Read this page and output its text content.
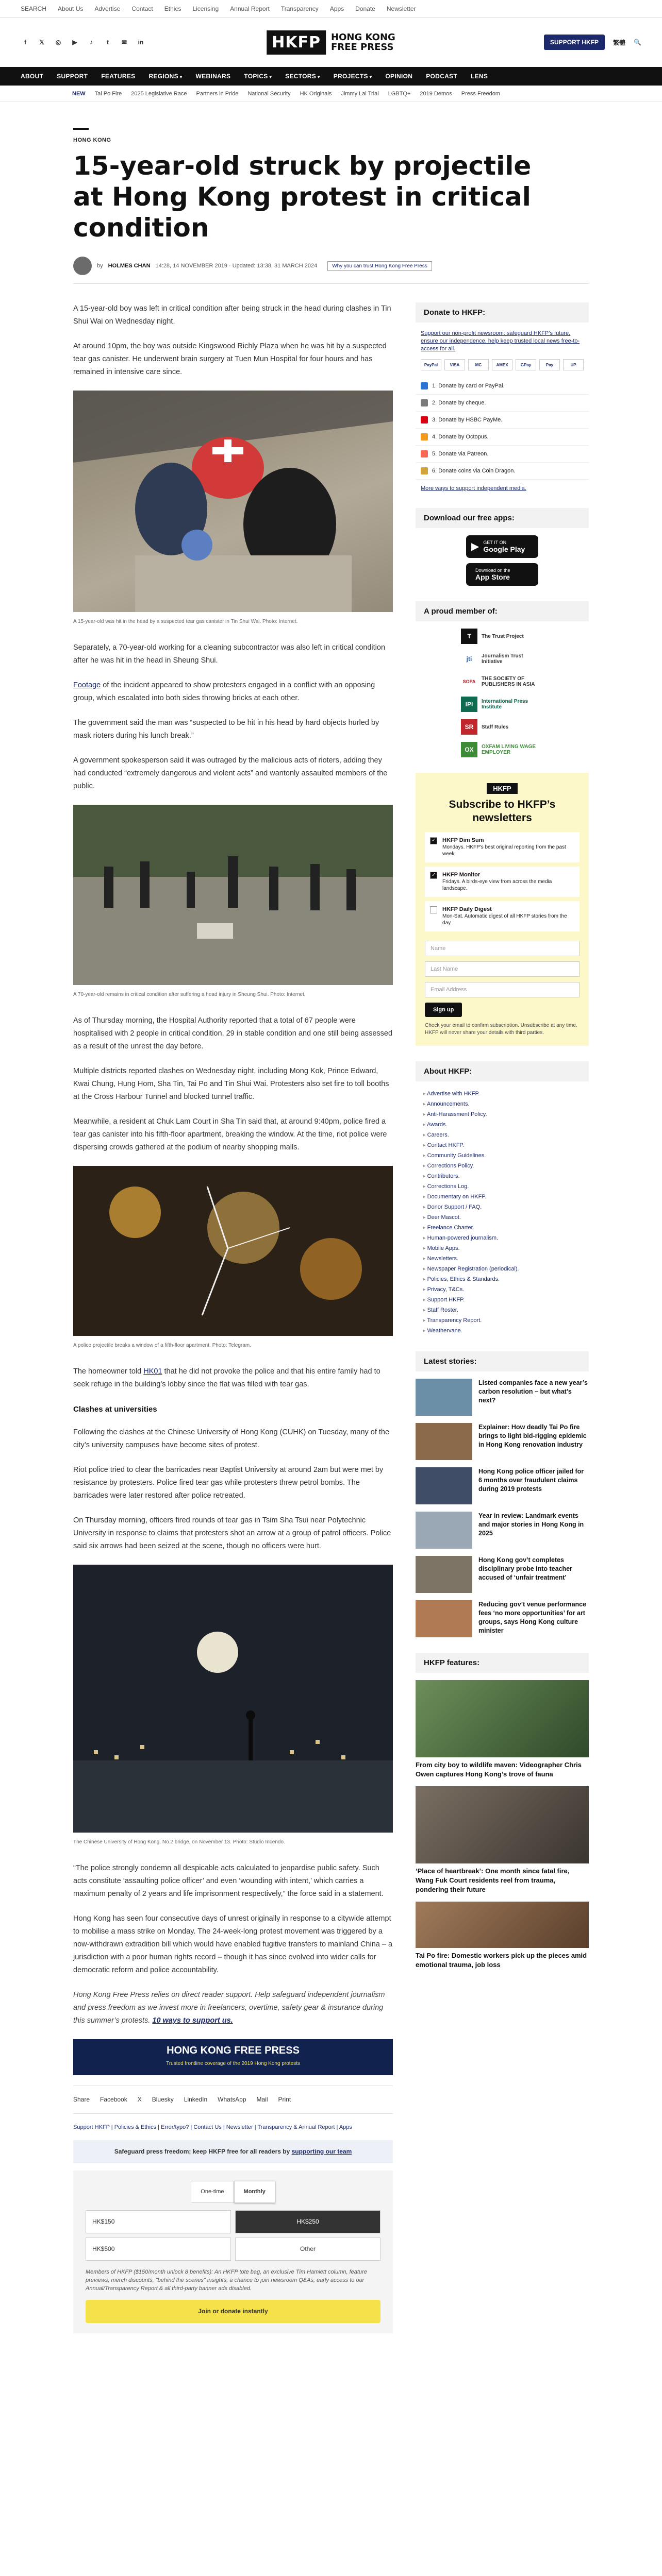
SEARCH About Us Advertise Contact Ethics Licensing Annual Report Transparency Apps Donate Newsletter
f	𝕏	◎	▶	♪	t	✉	in	HKFP	HONG KONG
FREE PRESS	SUPPORT HKFP	繁體 🔍
ABOUT SUPPORT FEATURES REGIONS ▾	WEBINARS TOPICS ▾	SECTORS ▾	PROJECTS ▾	OPINION PODCAST LENS
NEW Tai Po Fire 2025 Legislative Race Partners in Pride National Security HK Originals Jimmy Lai Trial LGBTQ+ 2019 Demos Press Freedom
HONG KONG
15-year-old struck by projectile at Hong Kong protest in critical condition
by HOLMES CHAN 14:28, 14 NOVEMBER 2019 · Updated: 13:38, 31 MARCH 2024	Why you can trust Hong Kong Free Press

A 15-year-old boy was left in critical condition after being struck in the head during clashes in Tin Shui Wai on Wednesday night.

At around 10pm, the boy was outside Kingswood Richly Plaza when he was hit by a suspected tear gas canister. He underwent brain surgery at Tuen Mun Hospital for four hours and has remained in intensive care since.

A 15-year-old was hit in the head by a suspected tear gas canister in Tin Shui Wai. Photo: Internet.

Separately, a 70-year-old working for a cleaning subcontractor was also left in critical condition after he was hit in the head in Sheung Shui.

Footage of the incident appeared to show protesters engaged in a conflict with an opposing group, which escalated into both sides throwing bricks at each other.

The government said the man was “suspected to be hit in his head by hard objects hurled by mask rioters during his lunch break.”

A government spokesperson said it was outraged by the malicious acts of rioters, adding they had conducted “extremely dangerous and violent acts” and wantonly assaulted members of the public.

A 70-year-old remains in critical condition after suffering a head injury in Sheung Shui. Photo: Internet.

As of Thursday morning, the Hospital Authority reported that a total of 67 people were hospitalised with 2 people in critical condition, 29 in stable condition and one still being assessed as a result of the unrest the day before.

Multiple districts reported clashes on Wednesday night, including Mong Kok, Prince Edward, Kwai Chung, Hung Hom, Sha Tin, Tai Po and Tin Shui Wai. Protesters also set fire to toll booths at the Cross Harbour Tunnel and blocked tunnel traffic.

Meanwhile, a resident at Chuk Lam Court in Sha Tin said that, at around 9:40pm, police fired a tear gas canister into his fifth-floor apartment, breaking the window. At the time, riot police were dispersing crowds gathered at the podium of nearby shopping malls.

A police projectile breaks a window of a fifth-floor apartment. Photo: Telegram.

The homeowner told HK01 that he did not provoke the police and that his entire family had to seek refuge in the building’s lobby since the flat was filled with tear gas.

Clashes at universities

Following the clashes at the Chinese University of Hong Kong (CUHK) on Tuesday, many of the city’s university campuses have become sites of protest.

Riot police tried to clear the barricades near Baptist University at around 2am but were met by resistance by protesters. Police fired tear gas while protesters threw petrol bombs. The barricades were later restored after police retreated.

On Thursday morning, officers fired rounds of tear gas in Tsim Sha Tsui near Polytechnic University in response to claims that protesters shot an arrow at a group of patrol officers. Police said six arrows had been seized at the scene, though no officers were hurt.

The Chinese University of Hong Kong, No.2 bridge, on November 13. Photo: Studio Incendo.

“The police strongly condemn all despicable acts calculated to jeopardise public safety. Such acts constitute ‘assaulting police officer’ and even ‘wounding with intent,’ which carries a maximum penalty of 2 years and life imprisonment respectively,” the force said in a statement.

Hong Kong has seen four consecutive days of unrest originally in response to a citywide attempt to mobilise a mass strike on Monday. The 24-week-long protest movement was triggered by a now-withdrawn extradition bill which would have enabled fugitive transfers to mainland China – a jurisdiction with a poor human rights record – though it has since evolved into wider calls for democratic reform and police accountability.

Hong Kong Free Press relies on direct reader support. Help safeguard independent journalism and press freedom as we invest more in freelancers, overtime, safety gear & insurance during this summer’s protests. 10 ways to support us.

HONG KONG FREE PRESS
Trusted frontline coverage of the 2019 Hong Kong protests
Share Facebook X Bluesky LinkedIn WhatsApp Mail Print
Support HKFP | Policies & Ethics | Error/typo? | Contact Us | Newsletter | Transparency & Annual Report | Apps
Safeguard press freedom; keep HKFP free for all readers by supporting our team
One-time	Monthly
HK$150	HK$250
HK$500	Other
Members of HKFP ($150/month unlock 8 benefits): An HKFP tote bag, an exclusive Tim Hamlett column, feature previews, merch discounts, "behind the scenes" insights, a chance to join newsroom Q&As, early access to our Annual/Transparency Report & all third-party banner ads disabled.
Join or donate instantly
Donate to HKFP:
Support our non-profit newsroom: safeguard HKFP’s future, ensure our independence, help keep trusted local news free-to-access for all.
PayPal	VISA	MC	AMEX	GPay	Pay	UP
1. Donate by card or PayPal.
2. Donate by cheque.
3. Donate by HSBC PayMe.
4. Donate by Octopus.
5. Donate via Patreon.
6. Donate coins via Coin Dragon.
More ways to support independent media.
Download our free apps:
▶ GET IT ON
Google Play
Download on the
App Store
A proud member of:
T	The Trust Project
jti	Journalism Trust Initiative
SOPA	THE SOCIETY OF PUBLISHERS IN ASIA
IPI	International Press Institute
SR	Staff Rules
OX	OXFAM LIVING WAGE EMPLOYER
HKFP
Subscribe to HKFP’s newsletters
✓
HKFP Dim Sum
Mondays. HKFP's best original reporting from the past week.
✓
HKFP Monitor
Fridays. A birds-eye view from across the media landscape.
HKFP Daily Digest
Mon-Sat. Automatic digest of all HKFP stories from the day.
Name
Last Name
Email Address
Sign up
Check your email to confirm subscription. Unsubscribe at any time. HKFP will never share your details with third parties.
About HKFP:
▸ Advertise with HKFP.
▸ Announcements.
▸ Anti-Harassment Policy.
▸ Awards.
▸ Careers.
▸ Contact HKFP.
▸ Community Guidelines.
▸ Corrections Policy.
▸ Contributors.
▸ Corrections Log.
▸ Documentary on HKFP.
▸ Donor Support / FAQ.
▸ Deer Mascot.
▸ Freelance Charter.
▸ Human-powered journalism.
▸ Mobile Apps.
▸ Newsletters.
▸ Newspaper Registration (periodical).
▸ Policies, Ethics & Standards.
▸ Privacy, T&Cs.
▸ Support HKFP.
▸ Staff Roster.
▸ Transparency Report.
▸ Weathervane.
Latest stories:
Listed companies face a new year’s carbon resolution – but what’s next?
Explainer: How deadly Tai Po fire brings to light bid-rigging epidemic in Hong Kong renovation industry
Hong Kong police officer jailed for 6 months over fraudulent claims during 2019 protests
Year in review: Landmark events and major stories in Hong Kong in 2025
Hong Kong gov’t completes disciplinary probe into teacher accused of ‘unfair treatment’
Reducing gov’t venue performance fees ‘no more opportunities’ for art groups, says Hong Kong culture minister
HKFP features:
From city boy to wildlife maven: Videographer Chris Owen captures Hong Kong’s trove of fauna
‘Place of heartbreak’: One month since fatal fire, Wang Fuk Court residents reel from trauma, pondering their future
Tai Po fire: Domestic workers pick up the pieces amid emotional trauma, job loss
